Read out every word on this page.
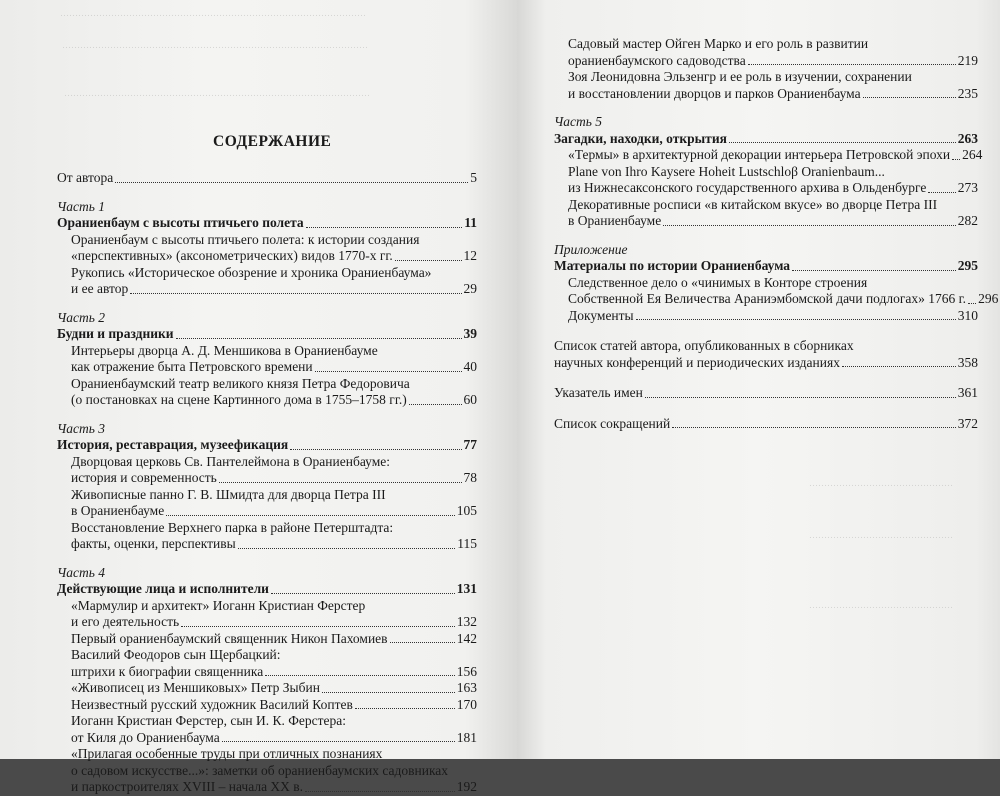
…………………………………………………………………………………………
…………………………………………………………………………………………
…………………………………………………………………………………………
СОДЕРЖАНИЕ
От автора	5
Часть 1
Ораниенбаум с высоты птичьего полета	11
Ораниенбаум с высоты птичьего полета: к истории создания
«перспективных» (аксонометрических) видов 1770-х гг.	12
Рукопись «Историческое обозрение и хроника Ораниенбаума»
и ее автор	29
Часть 2
Будни и праздники	39
Интерьеры дворца А. Д. Меншикова в Ораниенбауме
как отражение быта Петровского времени	40
Ораниенбаумский театр великого князя Петра Федоровича
(о постановках на сцене Картинного дома в 1755–1758 гг.)	60
Часть 3
История, реставрация, музеефикация	77
Дворцовая церковь Св. Пантелеймона в Ораниенбауме:
история и современность	78
Живописные панно Г. В. Шмидта для дворца Петра III
в Ораниенбауме	105
Восстановление Верхнего парка в районе Петерштадта:
факты, оценки, перспективы	115
Часть 4
Действующие лица и исполнители	131
«Мармулир и архитект» Иоганн Кристиан Ферстер
и его деятельность	132
Первый ораниенбаумский священник Никон Пахомиев	142
Василий Феодоров сын Щербацкий:
штрихи к биографии священника	156
«Живописец из Меншиковых» Петр Зыбин	163
Неизвестный русский художник Василий Коптев	170
Иоганн Кристиан Ферстер, сын И. К. Ферстера:
от Киля до Ораниенбаума	181
«Прилагая особенные труды при отличных познаниях
о садовом искусстве...»: заметки об ораниенбаумских садовниках
и паркостроителях XVIII – начала XX в.	192
…………………………………………
…………………………………………
…………………………………………
Садовый мастер Ойген Марко и его роль в развитии
ораниенбаумского садоводства	219
Зоя Леонидовна Эльзенгр и ее роль в изучении, сохранении
и восстановлении дворцов и парков Ораниенбаума	235
Часть 5
Загадки, находки, открытия	263
«Термы» в архитектурной декорации интерьера Петровской эпохи 264
Plane von Ihro Kaysere Hoheit Lustschloβ Oranienbaum...
из Нижнесаксонского государственного архива в Ольденбурге 273
Декоративные росписи «в китайском вкусе» во дворце Петра III
в Ораниенбауме	282
Приложение
Материалы по истории Ораниенбаума	295
Следственное дело о «чинимых в Конторе строения
Собственной Ея Величества Араниэмбомской дачи подлогах» 1766 г. 296
Документы	310
Список статей автора, опубликованных в сборниках
научных конференций и периодических изданиях	358
Указатель имен	361
Список сокращений	372
